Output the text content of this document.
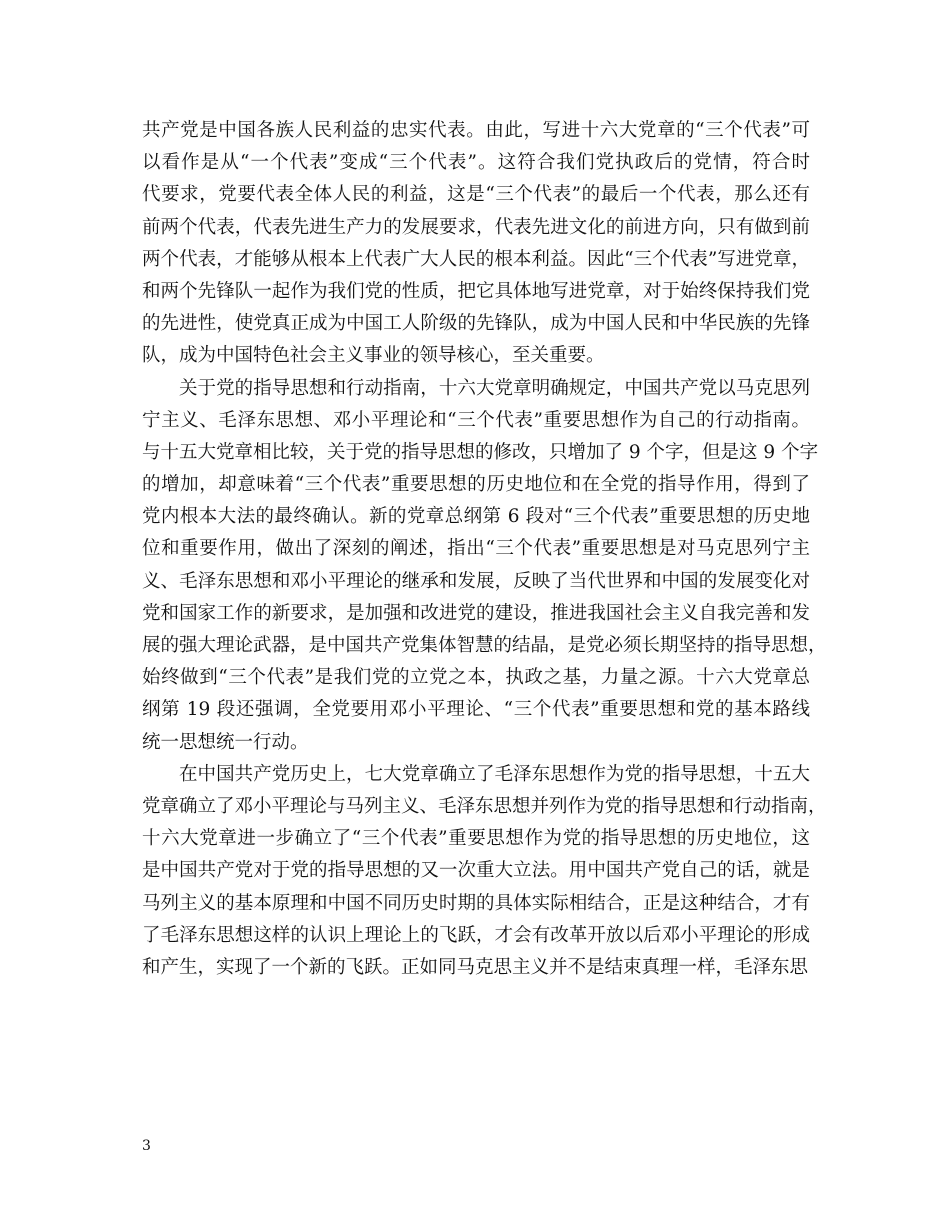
共产党是中国各族人民利益的忠实代表。由此，写进十六大党章的“三个代表”可
以看作是从“一个代表”变成“三个代表”。这符合我们党执政后的党情，符合时
代要求，党要代表全体人民的利益，这是“三个代表”的最后一个代表，那么还有
前两个代表，代表先进生产力的发展要求，代表先进文化的前进方向，只有做到前
两个代表，才能够从根本上代表广大人民的根本利益。因此“三个代表”写进党章，
和两个先锋队一起作为我们党的性质，把它具体地写进党章，对于始终保持我们党
的先进性，使党真正成为中国工人阶级的先锋队，成为中国人民和中华民族的先锋
队，成为中国特色社会主义事业的领导核心，至关重要。
关于党的指导思想和行动指南，十六大党章明确规定，中国共产党以马克思列
宁主义、毛泽东思想、邓小平理论和“三个代表”重要思想作为自己的行动指南。
与十五大党章相比较，关于党的指导思想的修改，只增加了 9 个字，但是这 9 个字
的增加，却意味着“三个代表”重要思想的历史地位和在全党的指导作用，得到了
党内根本大法的最终确认。新的党章总纲第 6 段对“三个代表”重要思想的历史地
位和重要作用，做出了深刻的阐述，指出“三个代表”重要思想是对马克思列宁主
义、毛泽东思想和邓小平理论的继承和发展，反映了当代世界和中国的发展变化对
党和国家工作的新要求，是加强和改进党的建设，推进我国社会主义自我完善和发
展的强大理论武器，是中国共产党集体智慧的结晶，是党必须长期坚持的指导思想，
始终做到“三个代表”是我们党的立党之本，执政之基，力量之源。十六大党章总
纲第 19 段还强调，全党要用邓小平理论、“三个代表”重要思想和党的基本路线
统一思想统一行动。
在中国共产党历史上，七大党章确立了毛泽东思想作为党的指导思想，十五大
党章确立了邓小平理论与马列主义、毛泽东思想并列作为党的指导思想和行动指南，
十六大党章进一步确立了“三个代表”重要思想作为党的指导思想的历史地位，这
是中国共产党对于党的指导思想的又一次重大立法。用中国共产党自己的话，就是
马列主义的基本原理和中国不同历史时期的具体实际相结合，正是这种结合，才有
了毛泽东思想这样的认识上理论上的飞跃，才会有改革开放以后邓小平理论的形成
和产生，实现了一个新的飞跃。正如同马克思主义并不是结束真理一样，毛泽东思
3
